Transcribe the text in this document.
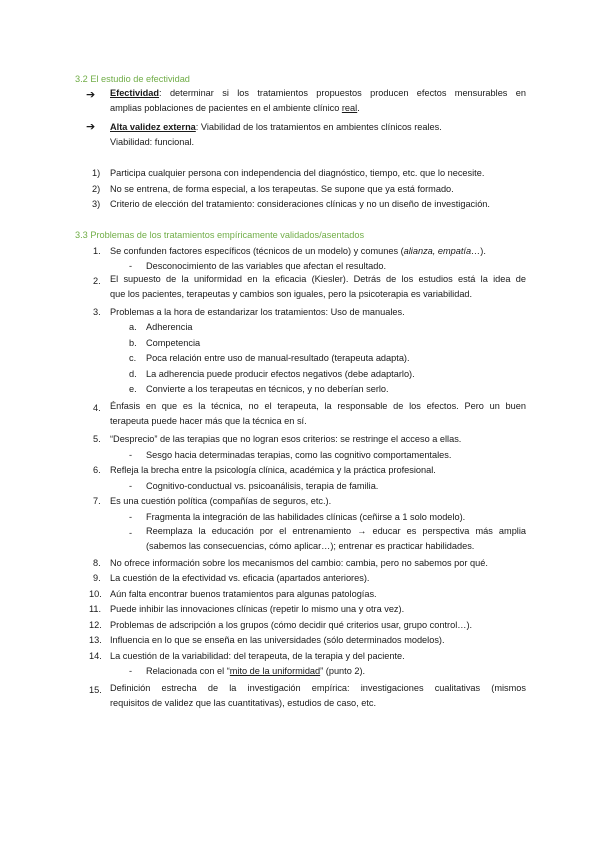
3.2 El estudio de efectividad
➔ Efectividad: determinar si los tratamientos propuestos producen efectos mensurables en
amplias poblaciones de pacientes en el ambiente clínico real.
➔ Alta validez externa: Viabilidad de los tratamientos en ambientes clínicos reales.
Viabilidad: funcional.
1) Participa cualquier persona con independencia del diagnóstico, tiempo, etc. que lo necesite.
2) No se entrena, de forma especial, a los terapeutas. Se supone que ya está formado.
3) Criterio de elección del tratamiento: consideraciones clínicas y no un diseño de investigación.
3.3 Problemas de los tratamientos empíricamente validados/asentados
1. Se confunden factores específicos (técnicos de un modelo) y comunes (alianza, empatía…).
- Desconocimiento de las variables que afectan el resultado.
2. El supuesto de la uniformidad en la eficacia (Kiesler). Detrás de los estudios está la idea de
que los pacientes, terapeutas y cambios son iguales, pero la psicoterapia es variabilidad.
3. Problemas a la hora de estandarizar los tratamientos: Uso de manuales.
a. Adherencia
b. Competencia
c. Poca relación entre uso de manual-resultado (terapeuta adapta).
d. La adherencia puede producir efectos negativos (debe adaptarlo).
e. Convierte a los terapeutas en técnicos, y no deberían serlo.
4. Énfasis en que es la técnica, no el terapeuta, la responsable de los efectos. Pero un buen
terapeuta puede hacer más que la técnica en sí.
5. “Desprecio” de las terapias que no logran esos criterios: se restringe el acceso a ellas.
- Sesgo hacia determinadas terapias, como las cognitivo comportamentales.
6. Refleja la brecha entre la psicología clínica, académica y la práctica profesional.
- Cognitivo-conductual vs. psicoanálisis, terapia de familia.
7. Es una cuestión política (compañías de seguros, etc.).
- Fragmenta la integración de las habilidades clínicas (ceñirse a 1 solo modelo).
- Reemplaza la educación por el entrenamiento → educar es perspectiva más amplia
(sabemos las consecuencias, cómo aplicar…); entrenar es practicar habilidades.
8. No ofrece información sobre los mecanismos del cambio: cambia, pero no sabemos por qué.
9. La cuestión de la efectividad vs. eficacia (apartados anteriores).
10. Aún falta encontrar buenos tratamientos para algunas patologías.
11. Puede inhibir las innovaciones clínicas (repetir lo mismo una y otra vez).
12. Problemas de adscripción a los grupos (cómo decidir qué criterios usar, grupo control…).
13. Influencia en lo que se enseña en las universidades (sólo determinados modelos).
14. La cuestión de la variabilidad: del terapeuta, de la terapia y del paciente.
- Relacionada con el “mito de la uniformidad” (punto 2).
15. Definición estrecha de la investigación empírica: investigaciones cualitativas (mismos
requisitos de validez que las cuantitativas), estudios de caso, etc.
